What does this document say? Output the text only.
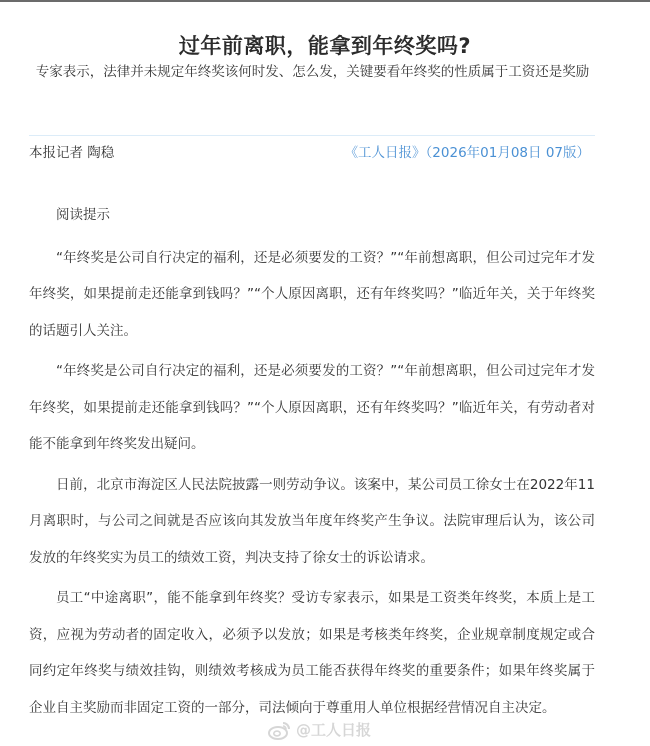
过年前离职，能拿到年终奖吗?
专家表示，法律并未规定年终奖该何时发、怎么发，关键要看年终奖的性质属于工资还是奖励
本报记者 陶稳	《工人日报》（2026年01月08日 07版）

阅读提示

“年终奖是公司自行决定的福利，还是必须要发的工资？”“年前想离职，但公司过完年才发年终奖，如果提前走还能拿到钱吗？”“个人原因离职，还有年终奖吗？”临近年关，关于年终奖的话题引人关注。

“年终奖是公司自行决定的福利，还是必须要发的工资？”“年前想离职，但公司过完年才发年终奖，如果提前走还能拿到钱吗？”“个人原因离职，还有年终奖吗？”临近年关，有劳动者对能不能拿到年终奖发出疑问。

日前，北京市海淀区人民法院披露一则劳动争议。该案中，某公司员工徐女士在2022年11月离职时，与公司之间就是否应该向其发放当年度年终奖产生争议。法院审理后认为，该公司发放的年终奖实为员工的绩效工资，判决支持了徐女士的诉讼请求。

员工“中途离职”，能不能拿到年终奖？受访专家表示，如果是工资类年终奖，本质上是工资，应视为劳动者的固定收入，必须予以发放；如果是考核类年终奖，企业规章制度规定或合同约定年终奖与绩效挂钩，则绩效考核成为员工能否获得年终奖的重要条件；如果年终奖属于企业自主奖励而非固定工资的一部分，司法倾向于尊重用人单位根据经营情况自主决定。

@工人日报
